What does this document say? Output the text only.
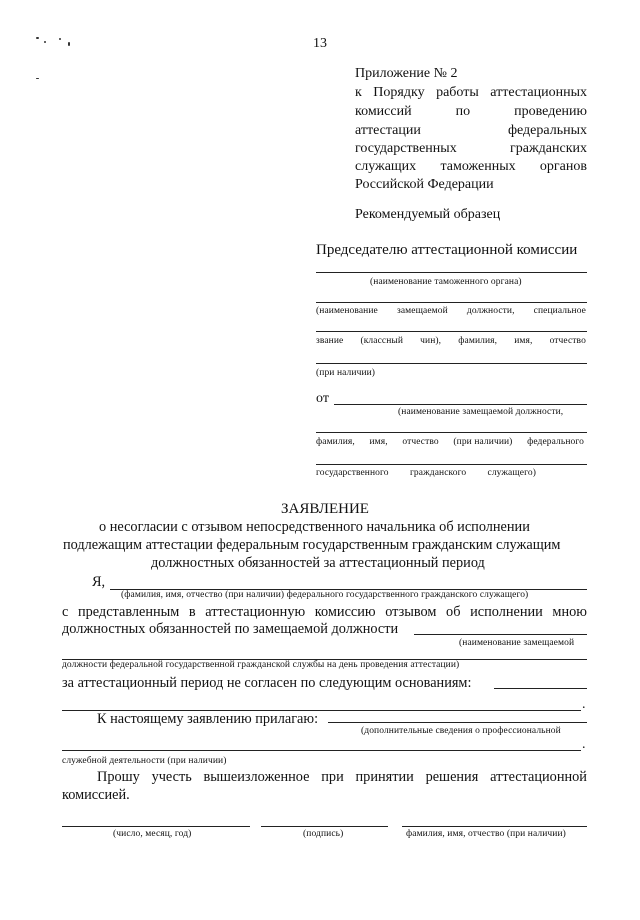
13
Приложение № 2
к Порядку работы аттестационных
комиссий	по	проведению
аттестации	федеральных
государственных	гражданских
служащих таможенных органов
Российской Федерации
Рекомендуемый образец
Председателю аттестационной комиссии
(наименование таможенного органа)
(наименование замещаемой должности, специальное
звание (классный чин), фамилия, имя, отчество
(при наличии)
от
(наименование замещаемой должности,
фамилия, имя, отчество (при наличии) федерального
государственного гражданского служащего)
ЗАЯВЛЕНИЕ
о несогласии с отзывом непосредственного начальника об исполнении
подлежащим аттестации федеральным государственным гражданским служащим
должностных обязанностей за аттестационный период
Я,
(фамилия, имя, отчество (при наличии) федерального государственного гражданского служащего)
с представленным в аттестационную комиссию отзывом об исполнении мною
должностных обязанностей по замещаемой должности
(наименование замещаемой
должности федеральной государственной гражданской службы на день проведения аттестации)
за аттестационный период не согласен по следующим основаниям:
.
К настоящему заявлению прилагаю:
(дополнительные сведения о профессиональной
.
служебной деятельности (при наличии)
Прошу учесть вышеизложенное при принятии решения аттестационной
комиссией.
(число, месяц, год)	(подпись)	фамилия, имя, отчество (при наличии)
